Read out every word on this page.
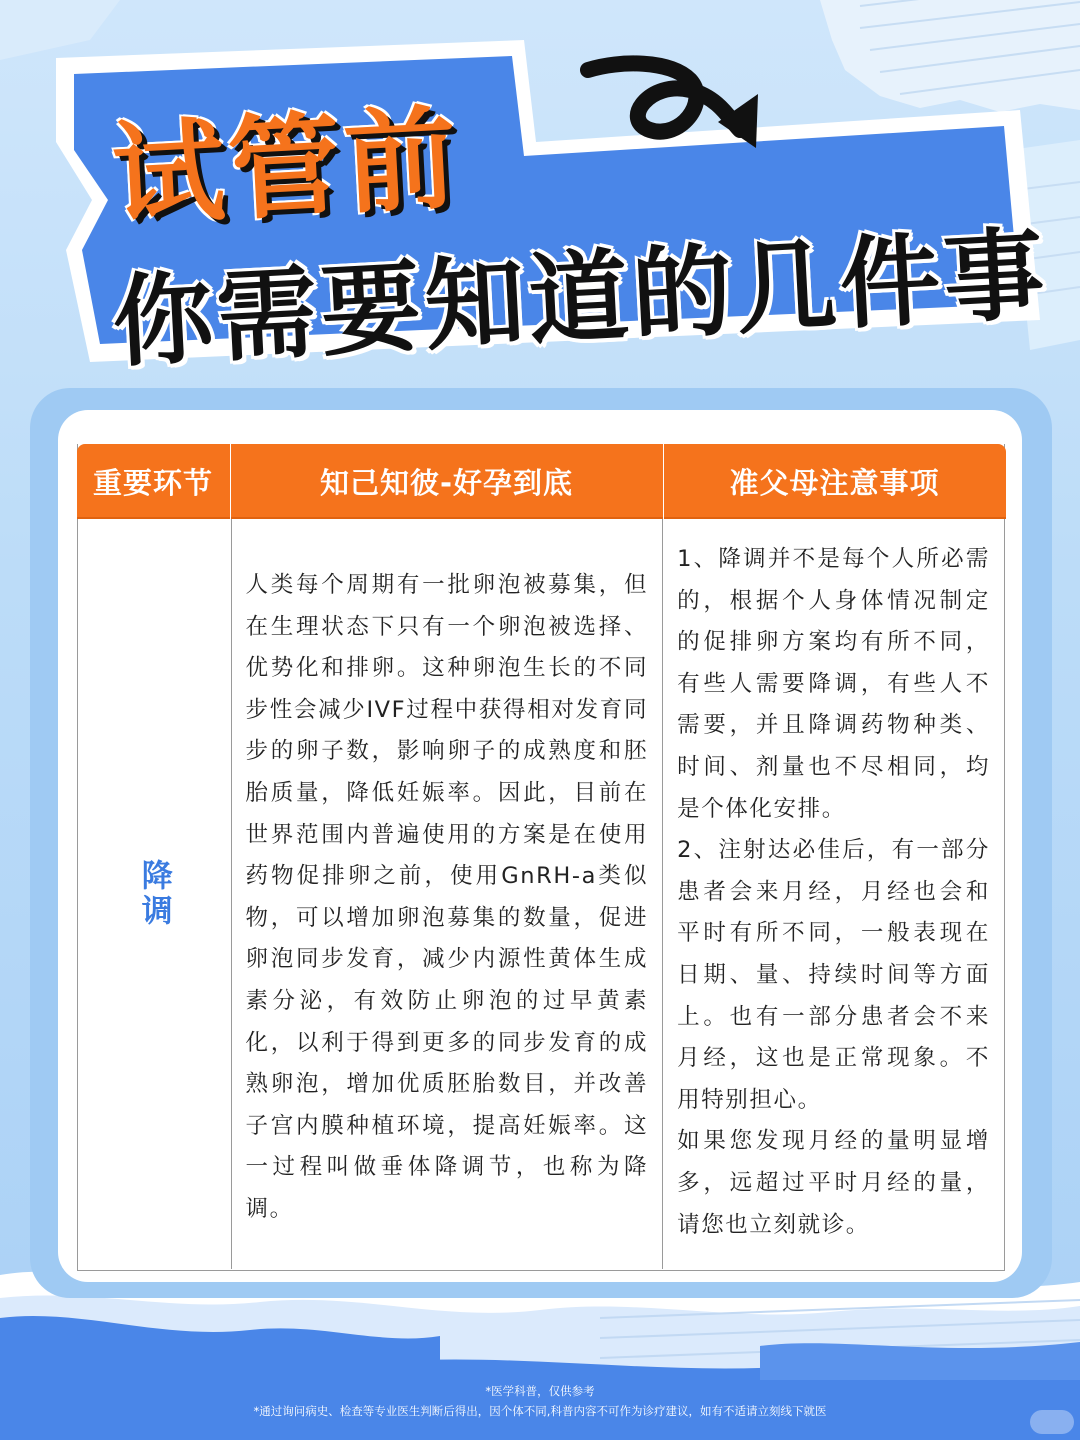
试管前
你需要知道的几件事
重要环节	知己知彼-好孕到底	准父母注意事项
降调

人类每个周期有一批卵泡被募集，但在生理状态下只有一个卵泡被选择、优势化和排卵。这种卵泡生长的不同步性会减少IVF过程中获得相对发育同步的卵子数，影响卵子的成熟度和胚胎质量，降低妊娠率。因此，目前在世界范围内普遍使用的方案是在使用药物促排卵之前，使用GnRH-a类似物，可以增加卵泡募集的数量，促进卵泡同步发育，减少内源性黄体生成素分泌，有效防止卵泡的过早黄素化，以利于得到更多的同步发育的成熟卵泡，增加优质胚胎数目，并改善子宫内膜种植环境，提高妊娠率。这一过程叫做垂体降调节，也称为降调。

1、降调并不是每个人所必需的，根据个人身体情况制定的促排卵方案均有所不同，有些人需要降调，有些人不需要，并且降调药物种类、时间、剂量也不尽相同，均是个体化安排。

2、注射达必佳后，有一部分患者会来月经，月经也会和平时有所不同，一般表现在日期、量、持续时间等方面上。也有一部分患者会不来月经，这也是正常现象。不用特别担心。

如果您发现月经的量明显增多，远超过平时月经的量，请您也立刻就诊。

*医学科普，仅供参考
*通过询问病史、检查等专业医生判断后得出，因个体不同,科普内容不可作为诊疗建议，如有不适请立刻线下就医
